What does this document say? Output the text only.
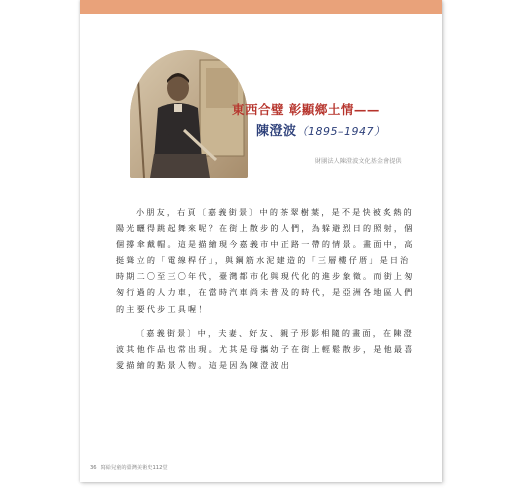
東西合璧 彰顯鄉土情——
陳澄波（1895–1947）
財團法人陳澄波文化基金會提供

小朋友，右頁〔嘉義街景〕中的茶翠樹葉，是不是快被炙熱的陽光曬得跳起舞來呢？在街上散步的人們，為躲避烈日的照射，個個撐傘戴帽。這是描繪現今嘉義市中正路一帶的情景。畫面中，高挺聳立的「電線桿仔」，與鋼筋水泥建造的「三層樓仔厝」是日治時期二〇至三〇年代，臺灣都市化與現代化的進步象徵。而街上匆匆行過的人力車，在當時汽車尚未普及的時代，是亞洲各地區人們的主要代步工具喔！

〔嘉義街景〕中，夫妻、好友、親子形影相隨的畫面，在陳澄波其他作品也常出現。尤其是母攜幼子在街上輕鬆散步，是他最喜愛描繪的點景人物。這是因為陳澄波出

36 寫給兒童的臺灣美術史112堂
